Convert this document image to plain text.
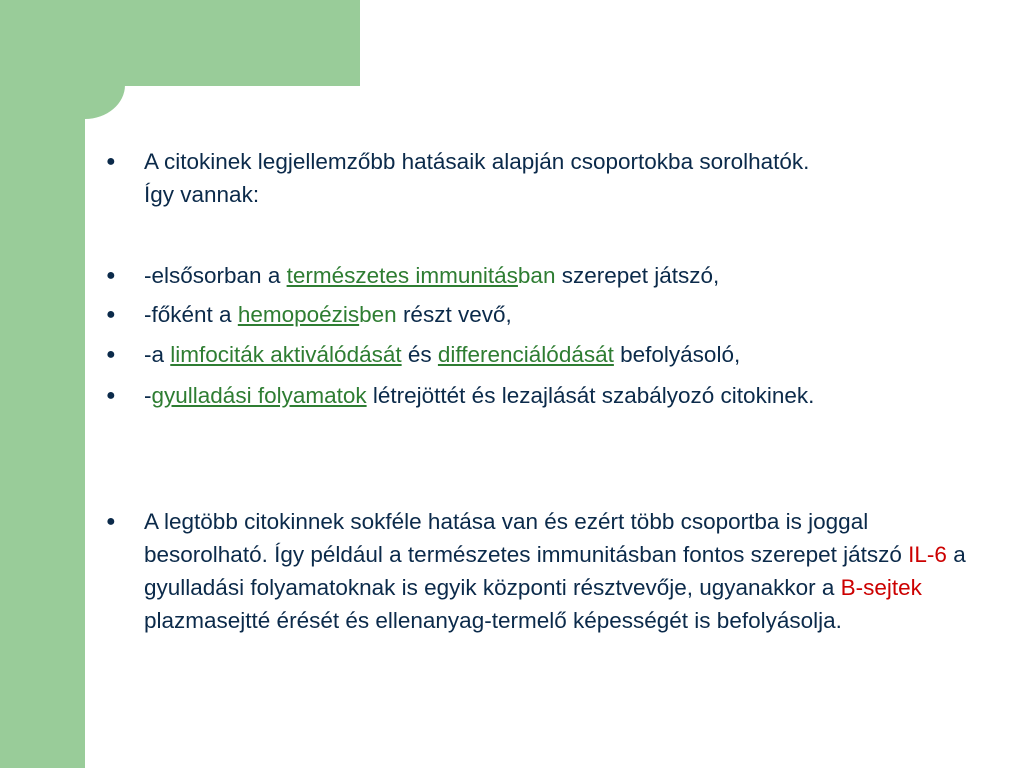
● A citokinek legjellemzőbb hatásaik alapján csoportokba sorolhatók.
Így vannak:
● -elsősorban a természetes immunitásban szerepet játszó,
● -főként a hemopoézisben részt vevő,
● -a limfociták aktiválódását és differenciálódását befolyásoló,
● -gyulladási folyamatok létrejöttét és lezajlását szabályozó citokinek.
● A legtöbb citokinnek sokféle hatása van és ezért több csoportba is joggal besorolható. Így például a természetes immunitásban fontos szerepet játszó IL-6 a gyulladási folyamatoknak is egyik központi résztvevője, ugyanakkor a B-sejtek plazmasejtté érését és ellenanyag-termelő képességét is befolyásolja.
